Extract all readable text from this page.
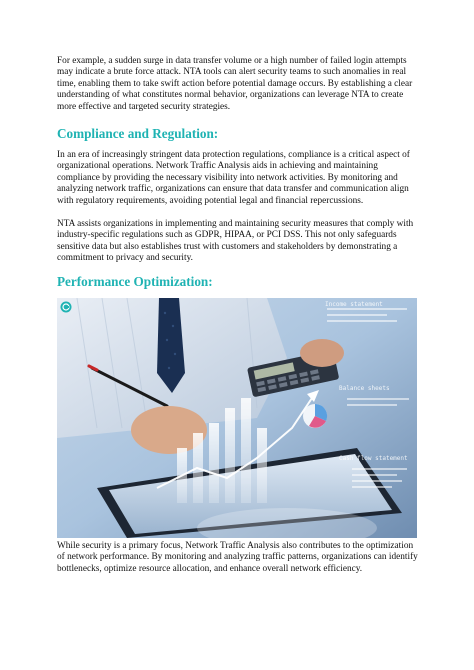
For example, a sudden surge in data transfer volume or a high number of failed login attempts may indicate a brute force attack. NTA tools can alert security teams to such anomalies in real time, enabling them to take swift action before potential damage occurs. By establishing a clear understanding of what constitutes normal behavior, organizations can leverage NTA to create more effective and targeted security strategies.

Compliance and Regulation:

In an era of increasingly stringent data protection regulations, compliance is a critical aspect of organizational operations. Network Traffic Analysis aids in achieving and maintaining compliance by providing the necessary visibility into network activities. By monitoring and analyzing network traffic, organizations can ensure that data transfer and communication align with regulatory requirements, avoiding potential legal and financial repercussions.

NTA assists organizations in implementing and maintaining security measures that comply with industry-specific regulations such as GDPR, HIPAA, or PCI DSS. This not only safeguards sensitive data but also establishes trust with customers and stakeholders by demonstrating a commitment to privacy and security.

Performance Optimization:
Income statement
Balance sheets
Cash flow statement

While security is a primary focus, Network Traffic Analysis also contributes to the optimization of network performance. By monitoring and analyzing traffic patterns, organizations can identify bottlenecks, optimize resource allocation, and enhance overall network efficiency.
